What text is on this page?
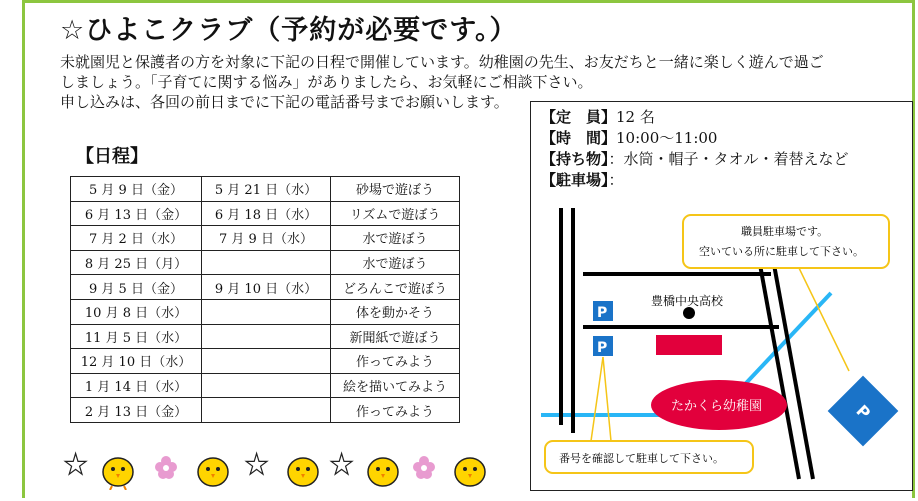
☆ひよこクラブ（予約が必要です。）

未就園児と保護者の方を対象に下記の日程で開催しています。幼稚園の先生、お友だちと一緒に楽しく遊んで過ご

しましょう。「子育てに関する悩み」がありましたら、お気軽にご相談下さい。

申し込みは、各回の前日までに下記の電話番号までお願いします。

【日程】
5 月 9 日（金）	5 月 21 日（水）	砂場で遊ぼう
6 月 13 日（金）	6 月 18 日（水）	リズムで遊ぼう
7 月 2 日（水）	7 月 9 日（水）	水で遊ぼう
8 月 25 日（月）		水で遊ぼう
9 月 5 日（金）	9 月 10 日（水）	どろんこで遊ぼう
10 月 8 日（水）		体を動かそう
11 月 5 日（水）		新聞紙で遊ぼう
12 月 10 日（水）		作ってみよう
1 月 14 日（水）		絵を描いてみよう
2 月 13 日（金）		作ってみよう
【定　員】12 名
【時　間】10:00〜11:00
【持ち物】：水筒・帽子・タオル・着替えなど
【駐車場】：
豊橋中央高校
P
P
P
たかくら幼稚園
職員駐車場です。
空いている所に駐車して下さい。
番号を確認して駐車して下さい。
